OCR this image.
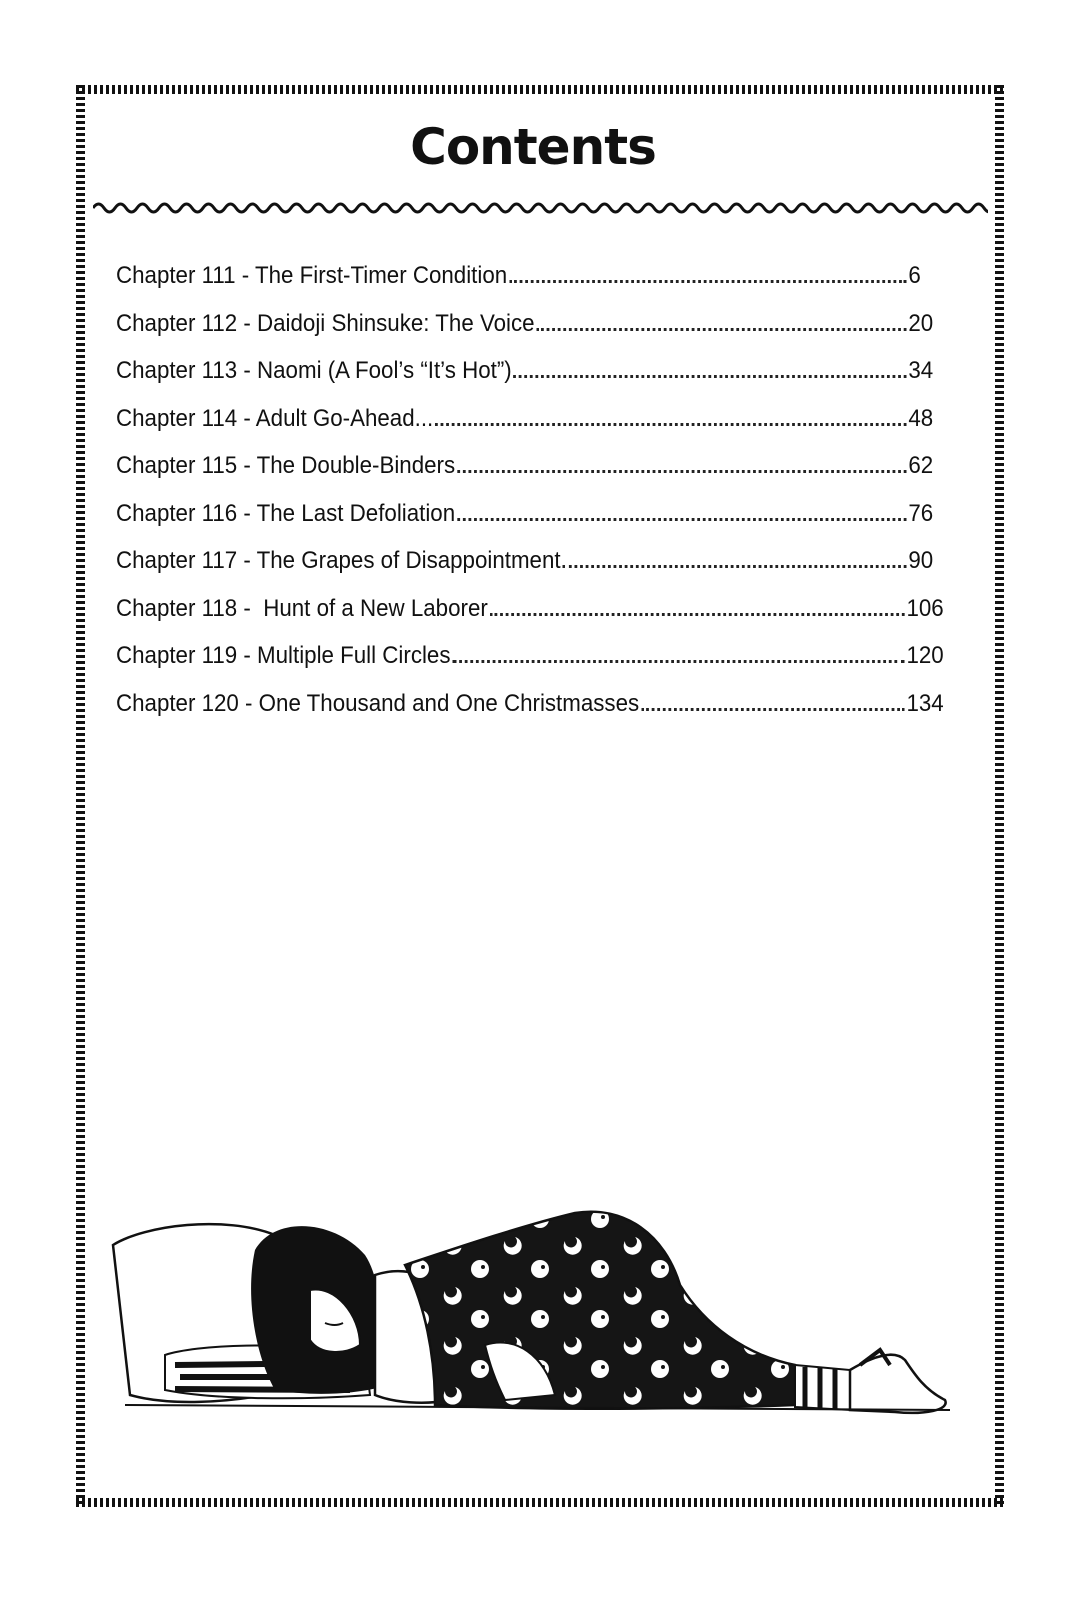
Contents
Chapter 111 - The First-Timer Condition	6
Chapter 112 - Daidoji Shinsuke: The Voice	20
Chapter 113 - Naomi (A Fool’s “It’s Hot”)	34
Chapter 114 - Adult Go-Ahead...	48
Chapter 115 - The Double-Binders	62
Chapter 116 - The Last Defoliation	76
Chapter 117 - The Grapes of Disappointment	90
Chapter 118 -  Hunt of a New Laborer	106
Chapter 119 - Multiple Full Circles	120
Chapter 120 - One Thousand and One Christmasses	134
